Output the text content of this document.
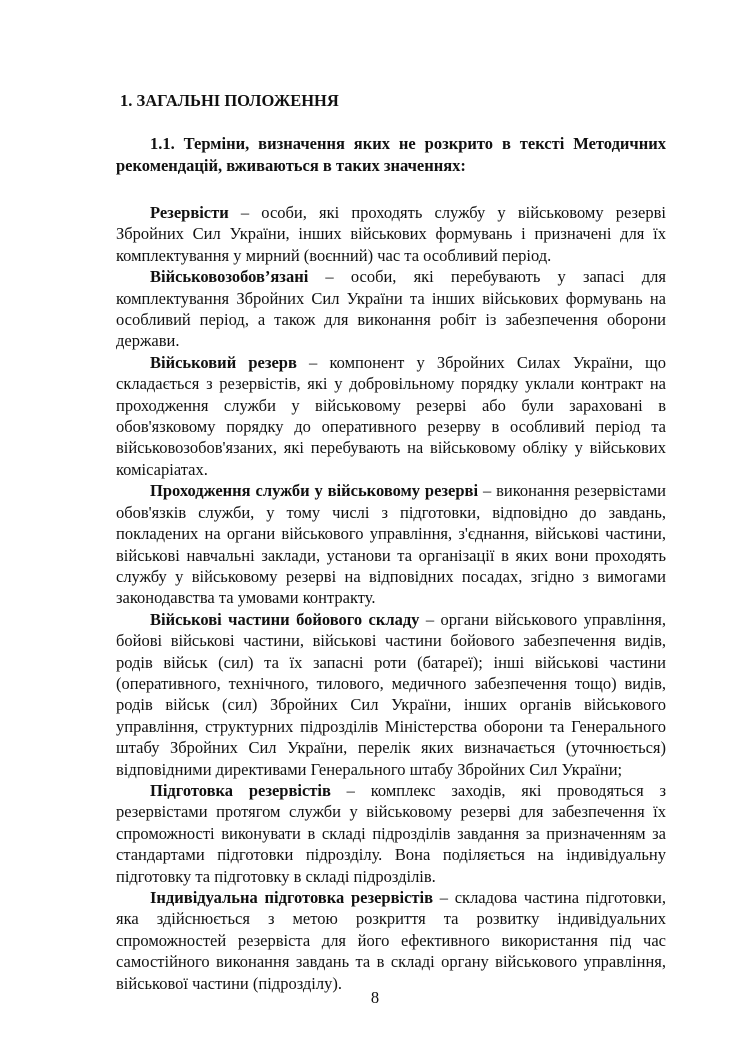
1. ЗАГАЛЬНІ ПОЛОЖЕННЯ

1.1. Терміни, визначення яких не розкрито в тексті Методичних рекомендацій, вживаються в таких значеннях:

Резервісти – особи, які проходять службу у військовому резерві Збройних Сил України, інших військових формувань і призначені для їх комплектування у мирний (воєнний) час та особливий період.

Військовозобов’язані – особи, які перебувають у запасі для комплектування Збройних Сил України та інших військових формувань на особливий період, а також для виконання робіт із забезпечення оборони держави.

Військовий резерв – компонент у Збройних Силах України, що складається з резервістів, які у добровільному порядку уклали контракт на проходження служби у військовому резерві або були зараховані в обов'язковому порядку до оперативного резерву в особливий період та військовозобов'язаних, які перебувають на військовому обліку у військових комісаріатах.

Проходження служби у військовому резерві – виконання резервістами обов'язків служби, у тому числі з підготовки, відповідно до завдань, покладених на органи військового управління, з'єднання, військові частини, військові навчальні заклади, установи та організації в яких вони проходять службу у військовому резерві на відповідних посадах, згідно з вимогами законодавства та умовами контракту.

Військові частини бойового складу – органи військового управління, бойові військові частини, військові частини бойового забезпечення видів, родів військ (сил) та їх запасні роти (батареї); інші військові частини (оперативного, технічного, тилового, медичного забезпечення тощо) видів, родів військ (сил) Збройних Сил України, інших органів військового управління, структурних підрозділів Міністерства оборони та Генерального штабу Збройних Сил України, перелік яких визначається (уточнюється) відповідними директивами Генерального штабу Збройних Сил України;

Підготовка резервістів – комплекс заходів, які проводяться з резервістами протягом служби у військовому резерві для забезпечення їх спроможності виконувати в складі підрозділів завдання за призначенням за стандартами підготовки підрозділу. Вона поділяється на індивідуальну підготовку та підготовку в складі підрозділів.

Індивідуальна підготовка резервістів – складова частина підготовки, яка здійснюється з метою розкриття та розвитку індивідуальних спроможностей резервіста для його ефективного використання під час самостійного виконання завдань та в складі органу військового управління, військової частини (підрозділу).

8
